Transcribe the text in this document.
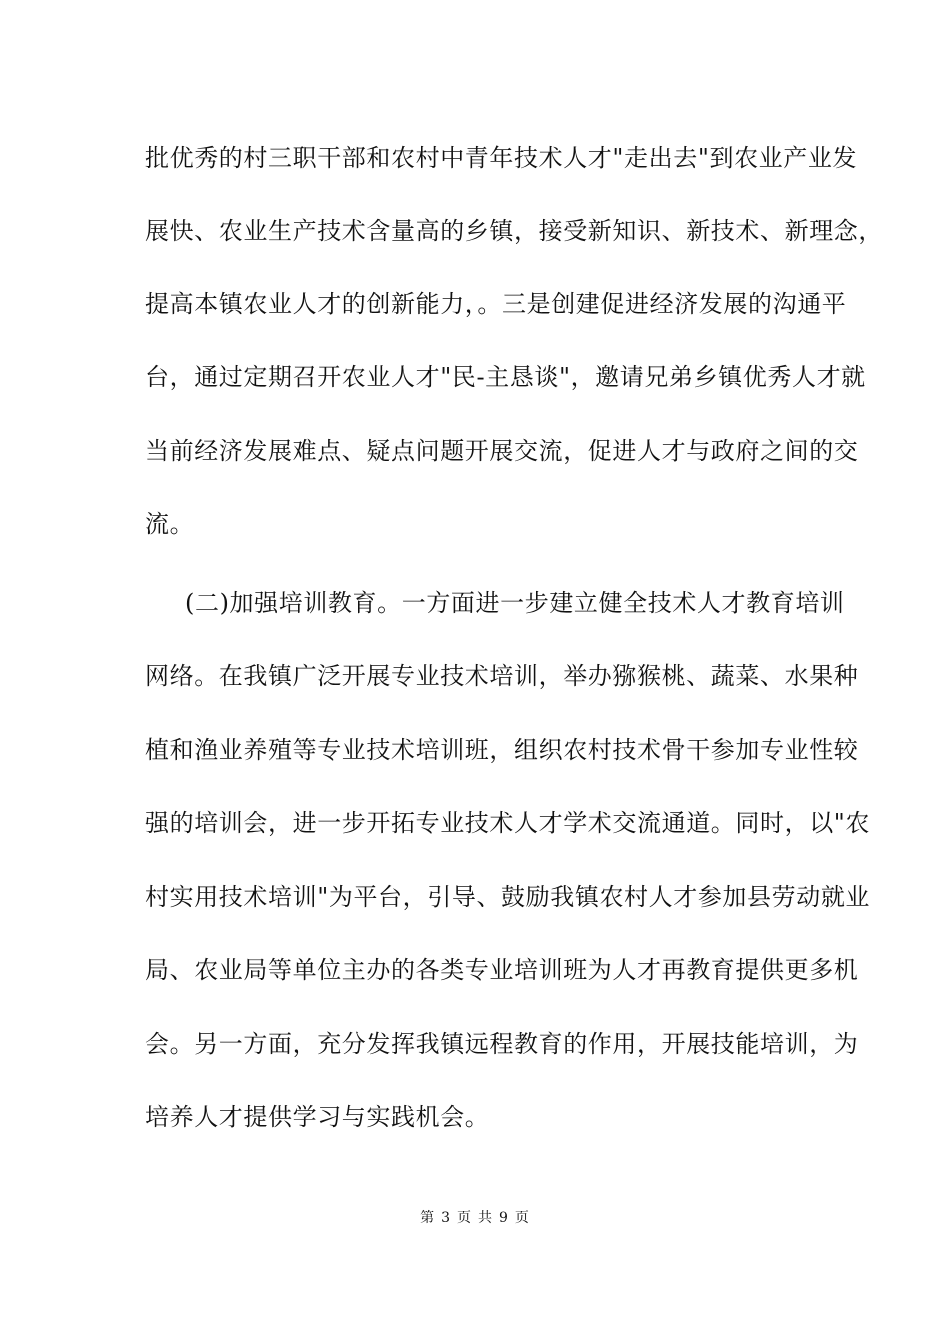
批优秀的村三职干部和农村中青年技术人才"走出去"到农业产业发
展快、农业生产技术含量高的乡镇，接受新知识、新技术、新理念，
提高本镇农业人才的创新能力，。三是创建促进经济发展的沟通平
台，通过定期召开农业人才"民-主恳谈"，邀请兄弟乡镇优秀人才就
当前经济发展难点、疑点问题开展交流，促进人才与政府之间的交
流。
(二)加强培训教育。一方面进一步建立健全技术人才教育培训
网络。在我镇广泛开展专业技术培训，举办猕猴桃、蔬菜、水果种
植和渔业养殖等专业技术培训班，组织农村技术骨干参加专业性较
强的培训会，进一步开拓专业技术人才学术交流通道。同时，以"农
村实用技术培训"为平台，引导、鼓励我镇农村人才参加县劳动就业
局、农业局等单位主办的各类专业培训班为人才再教育提供更多机
会。另一方面，充分发挥我镇远程教育的作用，开展技能培训，为
培养人才提供学习与实践机会。
第 3 页 共 9 页
